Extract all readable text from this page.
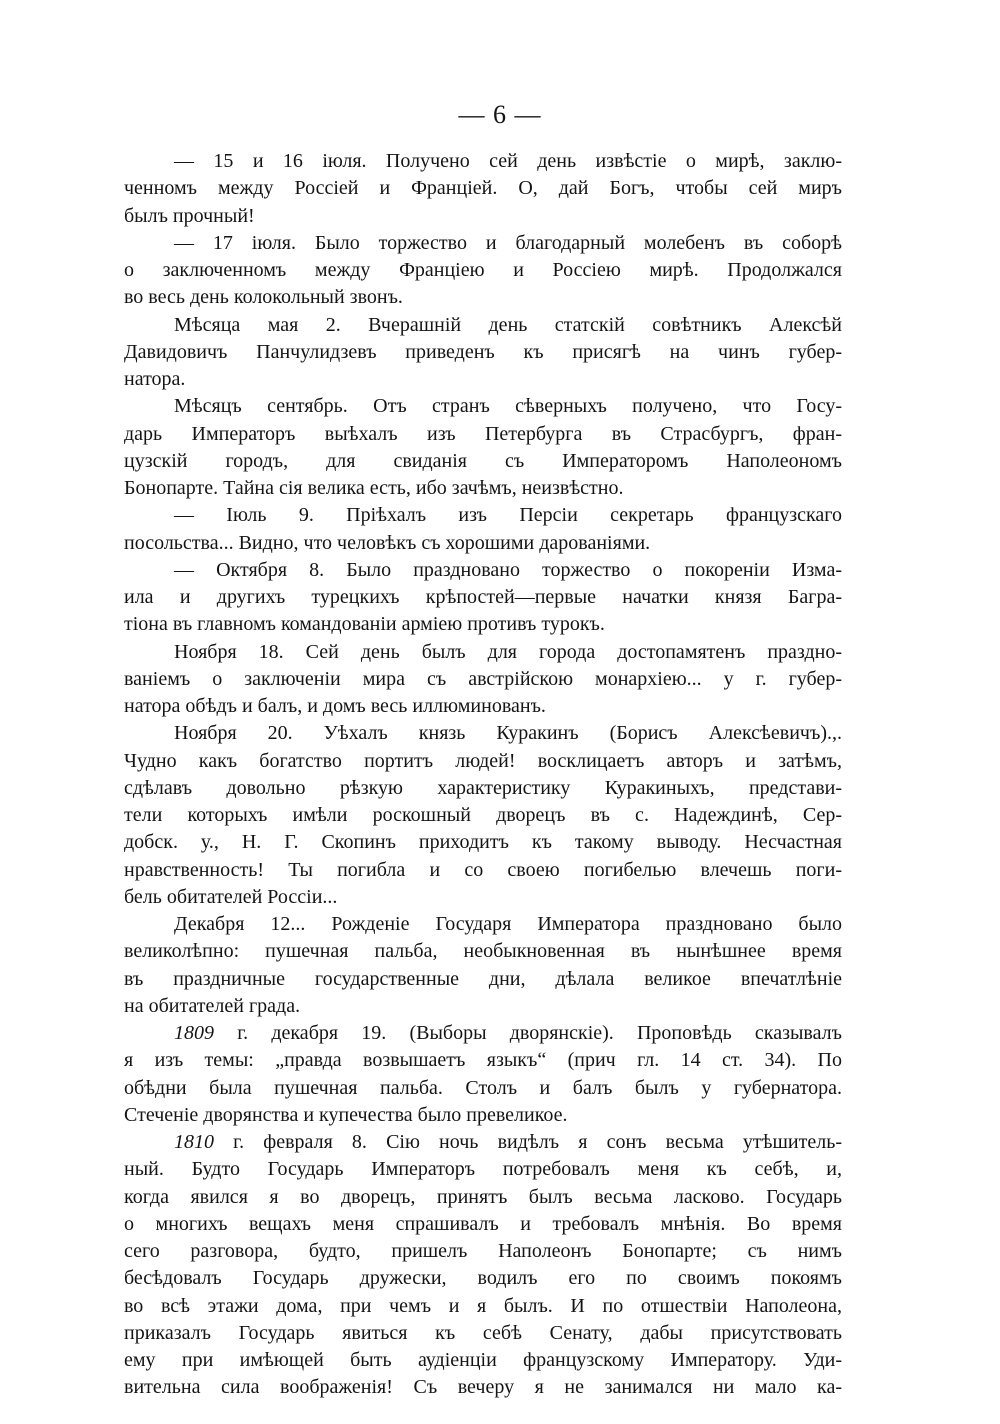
— 6 —
— 15 и 16 іюля. Получено сей день извѣстіе о мирѣ, заклю-
ченномъ между Россіей и Франціей. О, дай Богъ, чтобы сей миръ
былъ прочный!
— 17 іюля. Было торжество и благодарный молебенъ въ соборѣ
о заключенномъ между Франціею и Россіею мирѣ. Продолжался
во весь день колокольный звонъ.
Мѣсяца мая 2. Вчерашній день статскій совѣтникъ Алексѣй
Давидовичъ Панчулидзевъ приведенъ къ присягѣ на чинъ губер-
натора.
Мѣсяцъ сентябрь. Отъ странъ сѣверныхъ получено, что Госу-
дарь Императоръ выѣхалъ изъ Петербурга въ Страсбургъ, фран-
цузскій городъ, для свиданія съ Императоромъ Наполеономъ
Бонопарте. Тайна сія велика есть, ибо зачѣмъ, неизвѣстно.
— Іюль 9. Пріѣхалъ изъ Персіи секретарь французскаго
посольства... Видно, что человѣкъ съ хорошими дарованіями.
— Октября 8. Было празднованo торжество о покореніи Изма-
ила и другихъ турецкихъ крѣпостей—первые начатки князя Багра-
тіона въ главномъ командованіи арміею противъ турокъ.
Ноября 18. Сей день былъ для города достопамятенъ праздно-
ваніемъ о заключеніи мира съ австрійскою монархіею... у г. губер-
натора обѣдъ и балъ, и домъ весь иллюминованъ.
Ноября 20. Уѣхалъ князь Куракинъ (Борисъ Алексѣевичъ).,.
Чудно какъ богатство портитъ людей! восклицаетъ авторъ и затѣмъ,
сдѣлавъ довольно рѣзкую характеристику Куракиныхъ, представи-
тели которыхъ имѣли роскошный дворецъ въ с. Надеждинѣ, Сер-
добск. у., Н. Г. Скопинъ приходитъ къ такому выводу. Несчастная
нравственность! Ты погибла и со своею погибелью влечешь поги-
бель обитателей Россіи...
Декабря 12... Рожденіе Государя Императора празднованo было
великолѣпно: пушечная пальба, необыкновенная въ нынѣшнее время
въ праздничные государственные дни, дѣлала великое впечатлѣніе
на обитателей града.
1809 г. декабря 19. (Выборы дворянскіе). Проповѣдь сказывалъ
я изъ темы: „правда возвышаетъ языкъ“ (прич гл. 14 ст. 34). По
обѣдни была пушечная пальба. Столъ и балъ былъ у губернатора.
Стеченіе дворянства и купечества было превеликое.
1810 г. февраля 8. Сію ночь видѣлъ я сонъ весьма утѣшитель-
ный. Будто Государь Императоръ потребовалъ меня къ себѣ, и,
когда явился я во дворецъ, принятъ былъ весьма ласково. Государь
о многихъ вещахъ меня спрашивалъ и требовалъ мнѣнія. Во время
сего разговора, будто, пришелъ Наполеонъ Бонопарте; съ нимъ
бесѣдовалъ Государь дружески, водилъ его по своимъ покоямъ
во всѣ этажи дома, при чемъ и я былъ. И по отшествіи Наполеона,
приказалъ Государь явиться къ себѣ Сенату, дабы присутствовать
ему при имѣющей быть аудіенціи французскому Императору. Уди-
вительна сила воображенія! Съ вечеру я не занимался ни мало ка-
